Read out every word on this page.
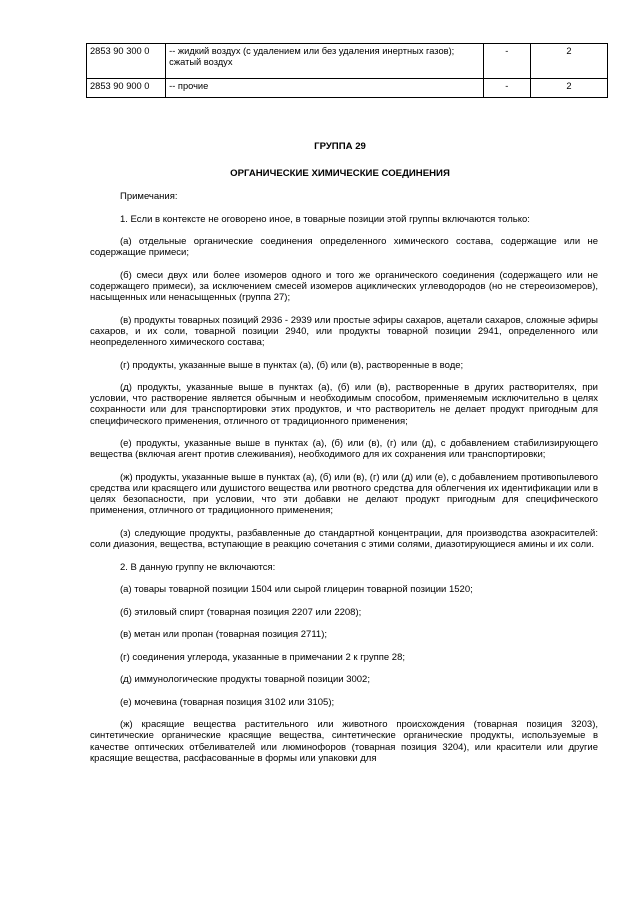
2853 90 300 0	-- жидкий воздух (с удалением или без удаления инертных газов); сжатый воздух	-	2
2853 90 900 0	-- прочие	-	2
ГРУППА 29
ОРГАНИЧЕСКИЕ ХИМИЧЕСКИЕ СОЕДИНЕНИЯ

Примечания:

1. Если в контексте не оговорено иное, в товарные позиции этой группы включаются только:

(а) отдельные органические соединения определенного химического состава, содержащие или не содержащие примеси;

(б) смеси двух или более изомеров одного и того же органического соединения (содержащего или не содержащего примеси), за исключением смесей изомеров ациклических углеводородов (но не стереоизомеров), насыщенных или ненасыщенных (группа 27);

(в) продукты товарных позиций 2936 - 2939 или простые эфиры сахаров, ацетали сахаров, сложные эфиры сахаров, и их соли, товарной позиции 2940, или продукты товарной позиции 2941, определенного или неопределенного химического состава;

(г) продукты, указанные выше в пунктах (а), (б) или (в), растворенные в воде;

(д) продукты, указанные выше в пунктах (а), (б) или (в), растворенные в других растворителях, при условии, что растворение является обычным и необходимым способом, применяемым исключительно в целях сохранности или для транспортировки этих продуктов, и что растворитель не делает продукт пригодным для специфического применения, отличного от традиционного применения;

(е) продукты, указанные выше в пунктах (а), (б) или (в), (г) или (д), с добавлением стабилизирующего вещества (включая агент против слеживания), необходимого для их сохранения или транспортировки;

(ж) продукты, указанные выше в пунктах (а), (б) или (в), (г) или (д) или (е), с добавлением противопылевого средства или красящего или душистого вещества или рвотного средства для облегчения их идентификации или в целях безопасности, при условии, что эти добавки не делают продукт пригодным для специфического применения, отличного от традиционного применения;

(з) следующие продукты, разбавленные до стандартной концентрации, для производства азокрасителей: соли диазония, вещества, вступающие в реакцию сочетания с этими солями, диазотирующиеся амины и их соли.

2. В данную группу не включаются:

(а) товары товарной позиции 1504 или сырой глицерин товарной позиции 1520;

(б) этиловый спирт (товарная позиция 2207 или 2208);

(в) метан или пропан (товарная позиция 2711);

(г) соединения углерода, указанные в примечании 2 к группе 28;

(д) иммунологические продукты товарной позиции 3002;

(е) мочевина (товарная позиция 3102 или 3105);

(ж) красящие вещества растительного или животного происхождения (товарная позиция 3203), синтетические органические красящие вещества, синтетические органические продукты, используемые в качестве оптических отбеливателей или люминофоров (товарная позиция 3204), или красители или другие красящие вещества, расфасованные в формы или упаковки для
